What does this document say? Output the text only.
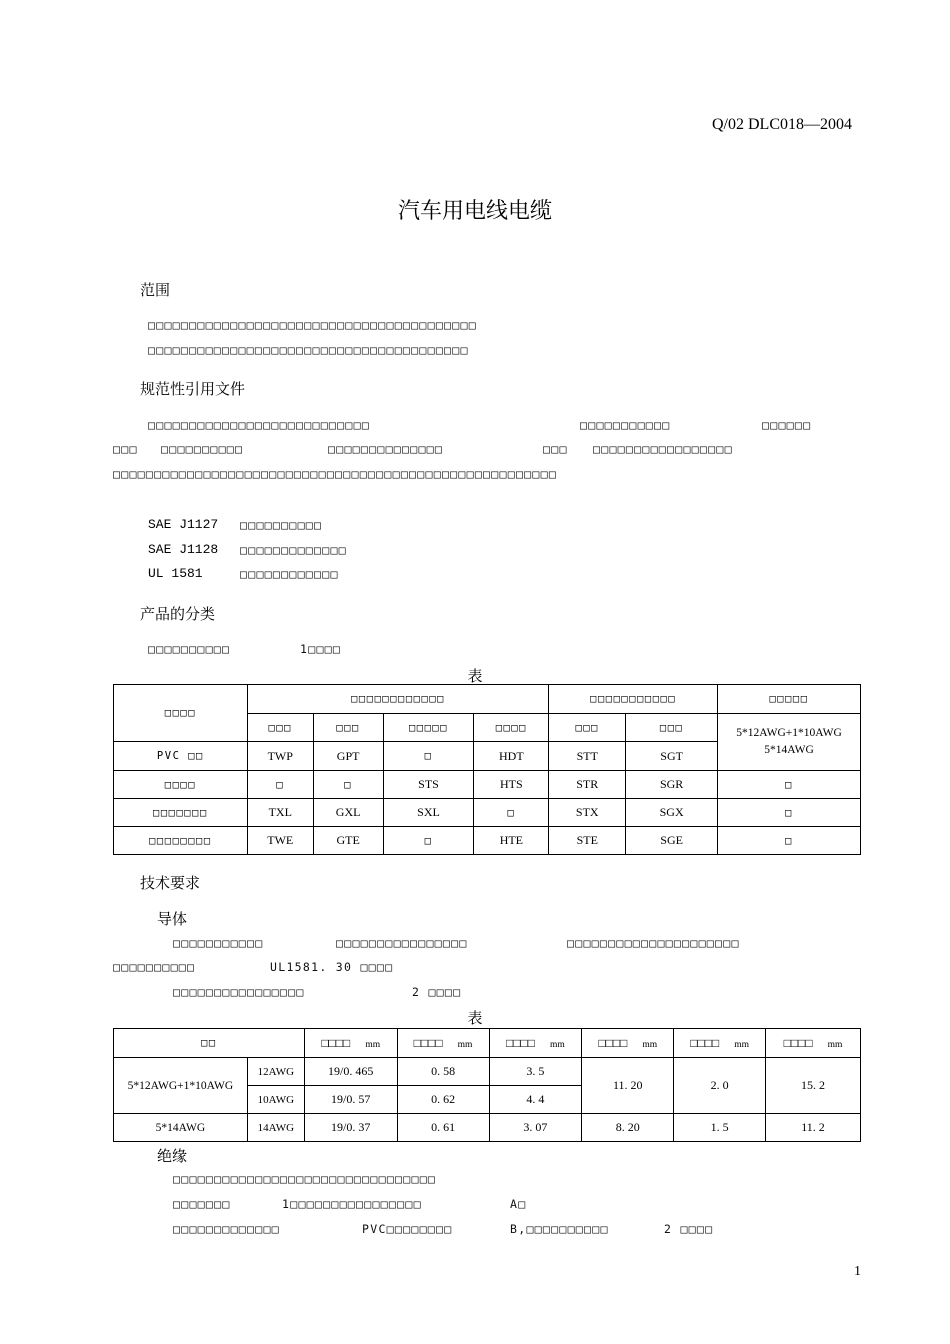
Q/02 DLC018—2004
汽车用电线电缆
范围
□□□□□□□□□□□□□□□□□□□□□□□□□□□□□□□□□□□□□□□□
□□□□□□□□□□□□□□□□□□□□□□□□□□□□□□□□□□□□□□□
规范性引用文件
□□□□□□□□□□□□□□□□□□□□□□□□□□□	□□□□□□□□□□□	□□□□□□
□□□ □□□□□□□□□□	□□□□□□□□□□□□□□	□□□ □□□□□□□□□□□□□□□□□
□□□□□□□□□□□□□□□□□□□□□□□□□□□□□□□□□□□□□□□□□□□□□□□□□□□□□□
SAE J1127 □□□□□□□□□□
SAE J1128 □□□□□□□□□□□□□
UL 1581	□□□□□□□□□□□□
产品的分类
□□□□□□□□□□	1□□□□
表
□□□□	□□□□□□□□□□□□				□□□□□□□□□□□		□□□□□
	□□□	□□□	□□□□□	□□□□	□□□	□□□	5*12AWG+1*10AWG
5*14AWG

PVC □□	TWP	GPT	□	HDT	STT	SGT	
□□□□	□	□	STS	HTS	STR	SGR	□
□□□□□□□	TXL	GXL	SXL	□	STX	SGX	□
□□□□□□□□	TWE	GTE	□	HTE	STE	SGE	□
技术要求
导体
□□□□□□□□□□□	□□□□□□□□□□□□□□□□	□□□□□□□□□□□□□□□□□□□□□
□□□□□□□□□□	UL1581. 30 □□□□
□□□□□□□□□□□□□□□□	2 □□□□
表
□□		□□□□ mm	□□□□ mm	□□□□ mm	□□□□ mm	□□□□ mm	□□□□ mm
5*12AWG+1*10AWG	12AWG	19/0. 465	0. 58	3. 5	11. 20	2. 0	15. 2
	10AWG	19/0. 57	0. 62	4. 4			
5*14AWG	14AWG	19/0. 37	0. 61	3. 07	8. 20	1. 5	11. 2
绝缘
□□□□□□□□□□□□□□□□□□□□□□□□□□□□□□□□
□□□□□□□	1□□□□□□□□□□□□□□□□	A□
□□□□□□□□□□□□□	PVC□□□□□□□□	B,□□□□□□□□□□	2 □□□□
1
